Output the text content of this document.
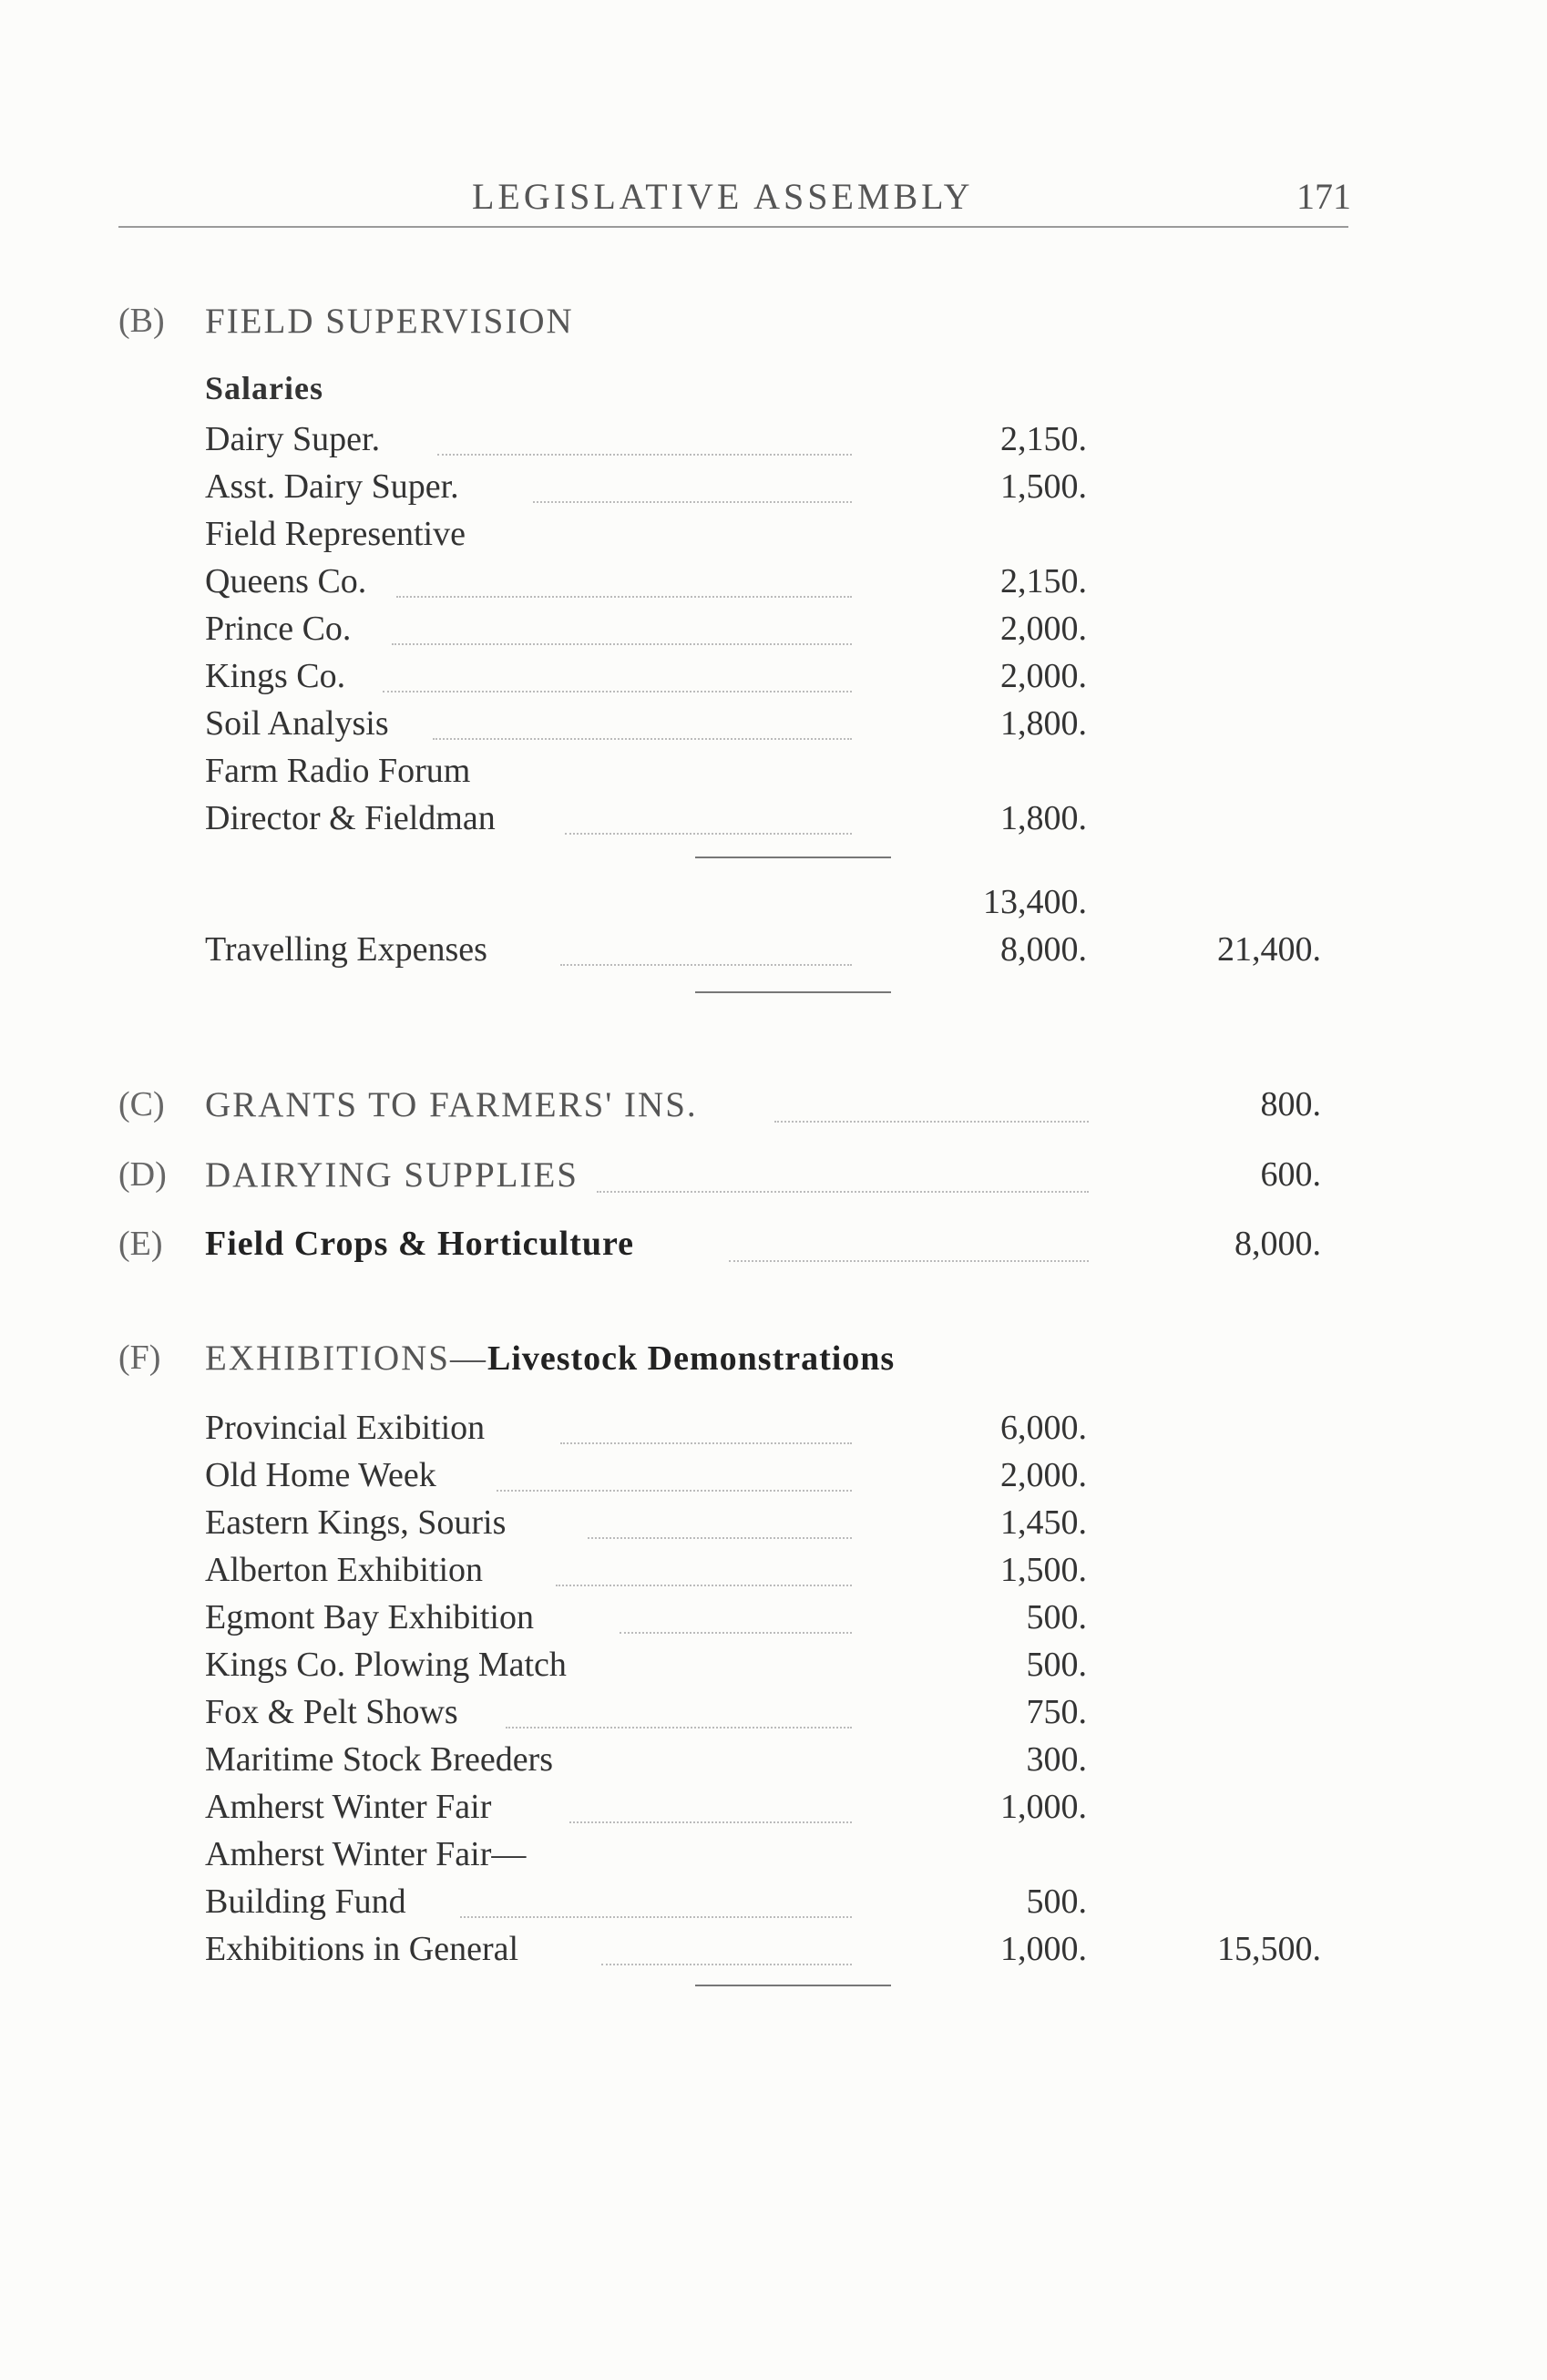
LEGISLATIVE ASSEMBLY	171
(B) FIELD SUPERVISION
Salaries
Dairy Super.	2,150.
Asst. Dairy Super.	1,500.
Field Representive
Queens Co.	2,150.
Prince Co.	2,000.
Kings Co.	2,000.
Soil Analysis	1,800.
Farm Radio Forum
Director & Fieldman	1,800.
13,400.
Travelling Expenses	8,000.	21,400.
(C) GRANTS TO FARMERS' INS.	800.
(D) DAIRYING SUPPLIES	600.
(E) Field Crops & Horticulture	8,000.
(F) EXHIBITIONS—Livestock Demonstrations
Provincial Exibition	6,000.
Old Home Week	2,000.
Eastern Kings, Souris	1,450.
Alberton Exhibition	1,500.
Egmont Bay Exhibition	500.
Kings Co. Plowing Match	500.
Fox & Pelt Shows	750.
Maritime Stock Breeders	300.
Amherst Winter Fair	1,000.
Amherst Winter Fair—
Building Fund	500.
Exhibitions in General	1,000.	15,500.
